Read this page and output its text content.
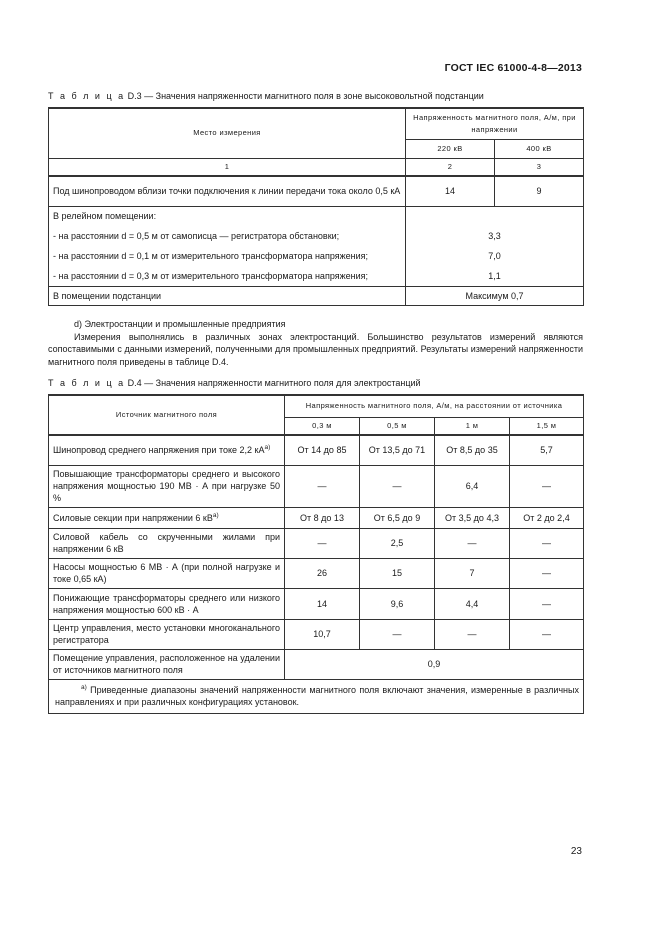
ГОСТ IEC 61000-4-8—2013
Т а б л и ц а D.3 — Значения напряженности магнитного поля в зоне высоковольтной подстанции
Место измерения	Напряженность магнитного поля, А/м, при напряжении	
	220 кВ	400 кВ
1	2	3
Под шинопроводом вблизи точки подключения к линии передачи тока около 0,5 кА	14	9
В релейном помещении:		
- на расстоянии d = 0,5 м от самописца — регистратора обстановки;	3,3	
- на расстоянии d = 0,1 м от измерительного трансформатора напряжения;	7,0	
- на расстоянии d = 0,3 м от измерительного трансформатора напряжения;	1,1	
В помещении подстанции	Максимум 0,7	

d) Электростанции и промышленные предприятия

Измерения выполнялись в различных зонах электростанций. Большинство результатов измерений являются сопоставимыми с данными измерений, полученными для промышленных предприятий. Результаты измерений напряженности магнитного поля приведены в таблице D.4.

Т а б л и ц а D.4 — Значения напряженности магнитного поля для электростанций
Источник магнитного поля	Напряженность магнитного поля, А/м, на расстоянии от источника			
	0,3 м	0,5 м	1 м	1,5 м
Шинопровод среднего напряжения при токе 2,2 $кА^{а)}$	От 14 до 85	От 13,5 до 71	От 8,5 до 35	5,7
Повышающие трансформаторы среднего и высокого напряжения мощностью 190 МВ · А при нагрузке 50 %	—	—	6,4	—
Силовые секции при напряжении 6 $кВ^{а)}$	От 8 до 13	От 6,5 до 9	От 3,5 до 4,3	От 2 до 2,4
Силовой кабель со скрученными жилами при напряжении 6 кВ	—	2,5	—	—
Насосы мощностью 6 МВ · А (при полной нагрузке и токе 0,65 кА)	26	15	7	—
Понижающие трансформаторы среднего или низкого напряжения мощностью 600 кВ · А	14	9,6	4,4	—
Центр управления, место установки многоканального регистратора	10,7	—	—	—
Помещение управления, расположенное на удалении от источников магнитного поля	0,9			
$^{а)}$ Приведенные диапазоны значений напряженности магнитного поля включают значения, измеренные в различных направлениях и при различных конфигурациях установок.				
23
